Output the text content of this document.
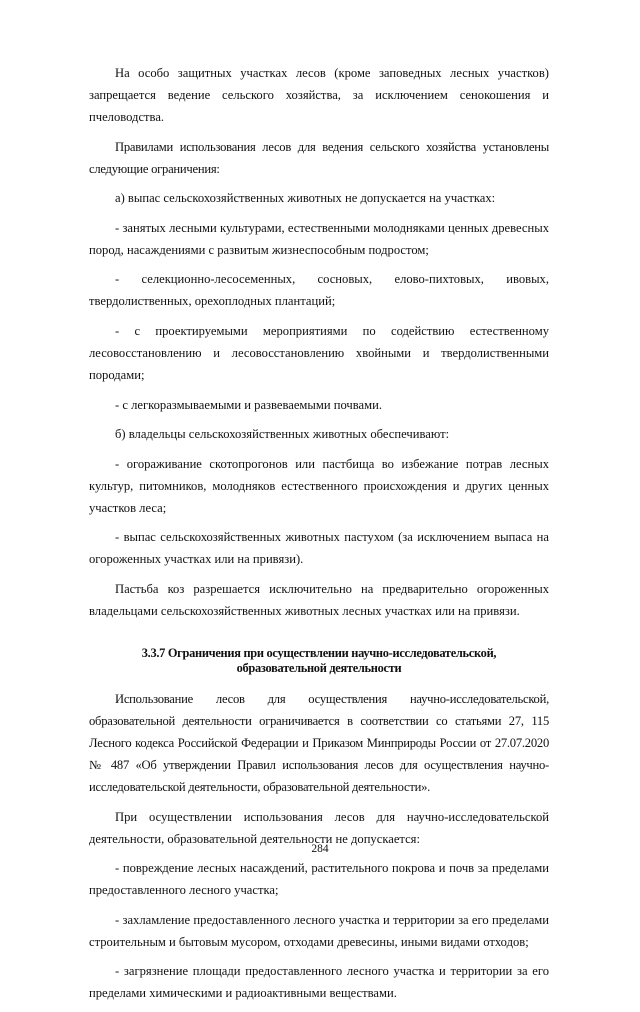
На особо защитных участках лесов (кроме заповедных лесных участков) запрещается ведение сельского хозяйства, за исключением сенокошения и пчеловодства.

Правилами использования лесов для ведения сельского хозяйства установлены следующие ограничения:

а) выпас сельскохозяйственных животных не допускается на участках:

- занятых лесными культурами, естественными молодняками ценных древесных пород, насаждениями с развитым жизнеспособным подростом;

- селекционно-лесосеменных, сосновых, елово-пихтовых, ивовых, твердолиственных, орехоплодных плантаций;

- с проектируемыми мероприятиями по содействию естественному лесовосстановлению и лесовосстановлению хвойными и твердолиственными породами;

- с легкоразмываемыми и развеваемыми почвами.

б) владельцы сельскохозяйственных животных обеспечивают:

- огораживание скотопрогонов или пастбища во избежание потрав лесных культур, питомников, молодняков естественного происхождения и других ценных участков леса;

- выпас сельскохозяйственных животных пастухом (за исключением выпаса на огороженных участках или на привязи).

Пастьба коз разрешается исключительно на предварительно огороженных владельцами сельскохозяйственных животных лесных участках или на привязи.

3.3.7 Ограничения при осуществлении научно-исследовательской,
образовательной деятельности

Использование лесов для осуществления научно-исследовательской, образовательной деятельности ограничивается в соответствии со статьями 27, 115 Лесного кодекса Российской Федерации и Приказом Минприроды России от 27.07.2020 № 487 «Об утверждении Правил использования лесов для осуществления научно-исследовательской деятельности, образовательной деятельности».

При осуществлении использования лесов для научно-исследовательской деятельности, образовательной деятельности не допускается:

- повреждение лесных насаждений, растительного покрова и почв за пределами предоставленного лесного участка;

- захламление предоставленного лесного участка и территории за его пределами строительным и бытовым мусором, отходами древесины, иными видами отходов;

- загрязнение площади предоставленного лесного участка и территории за его пределами химическими и радиоактивными веществами.

284
